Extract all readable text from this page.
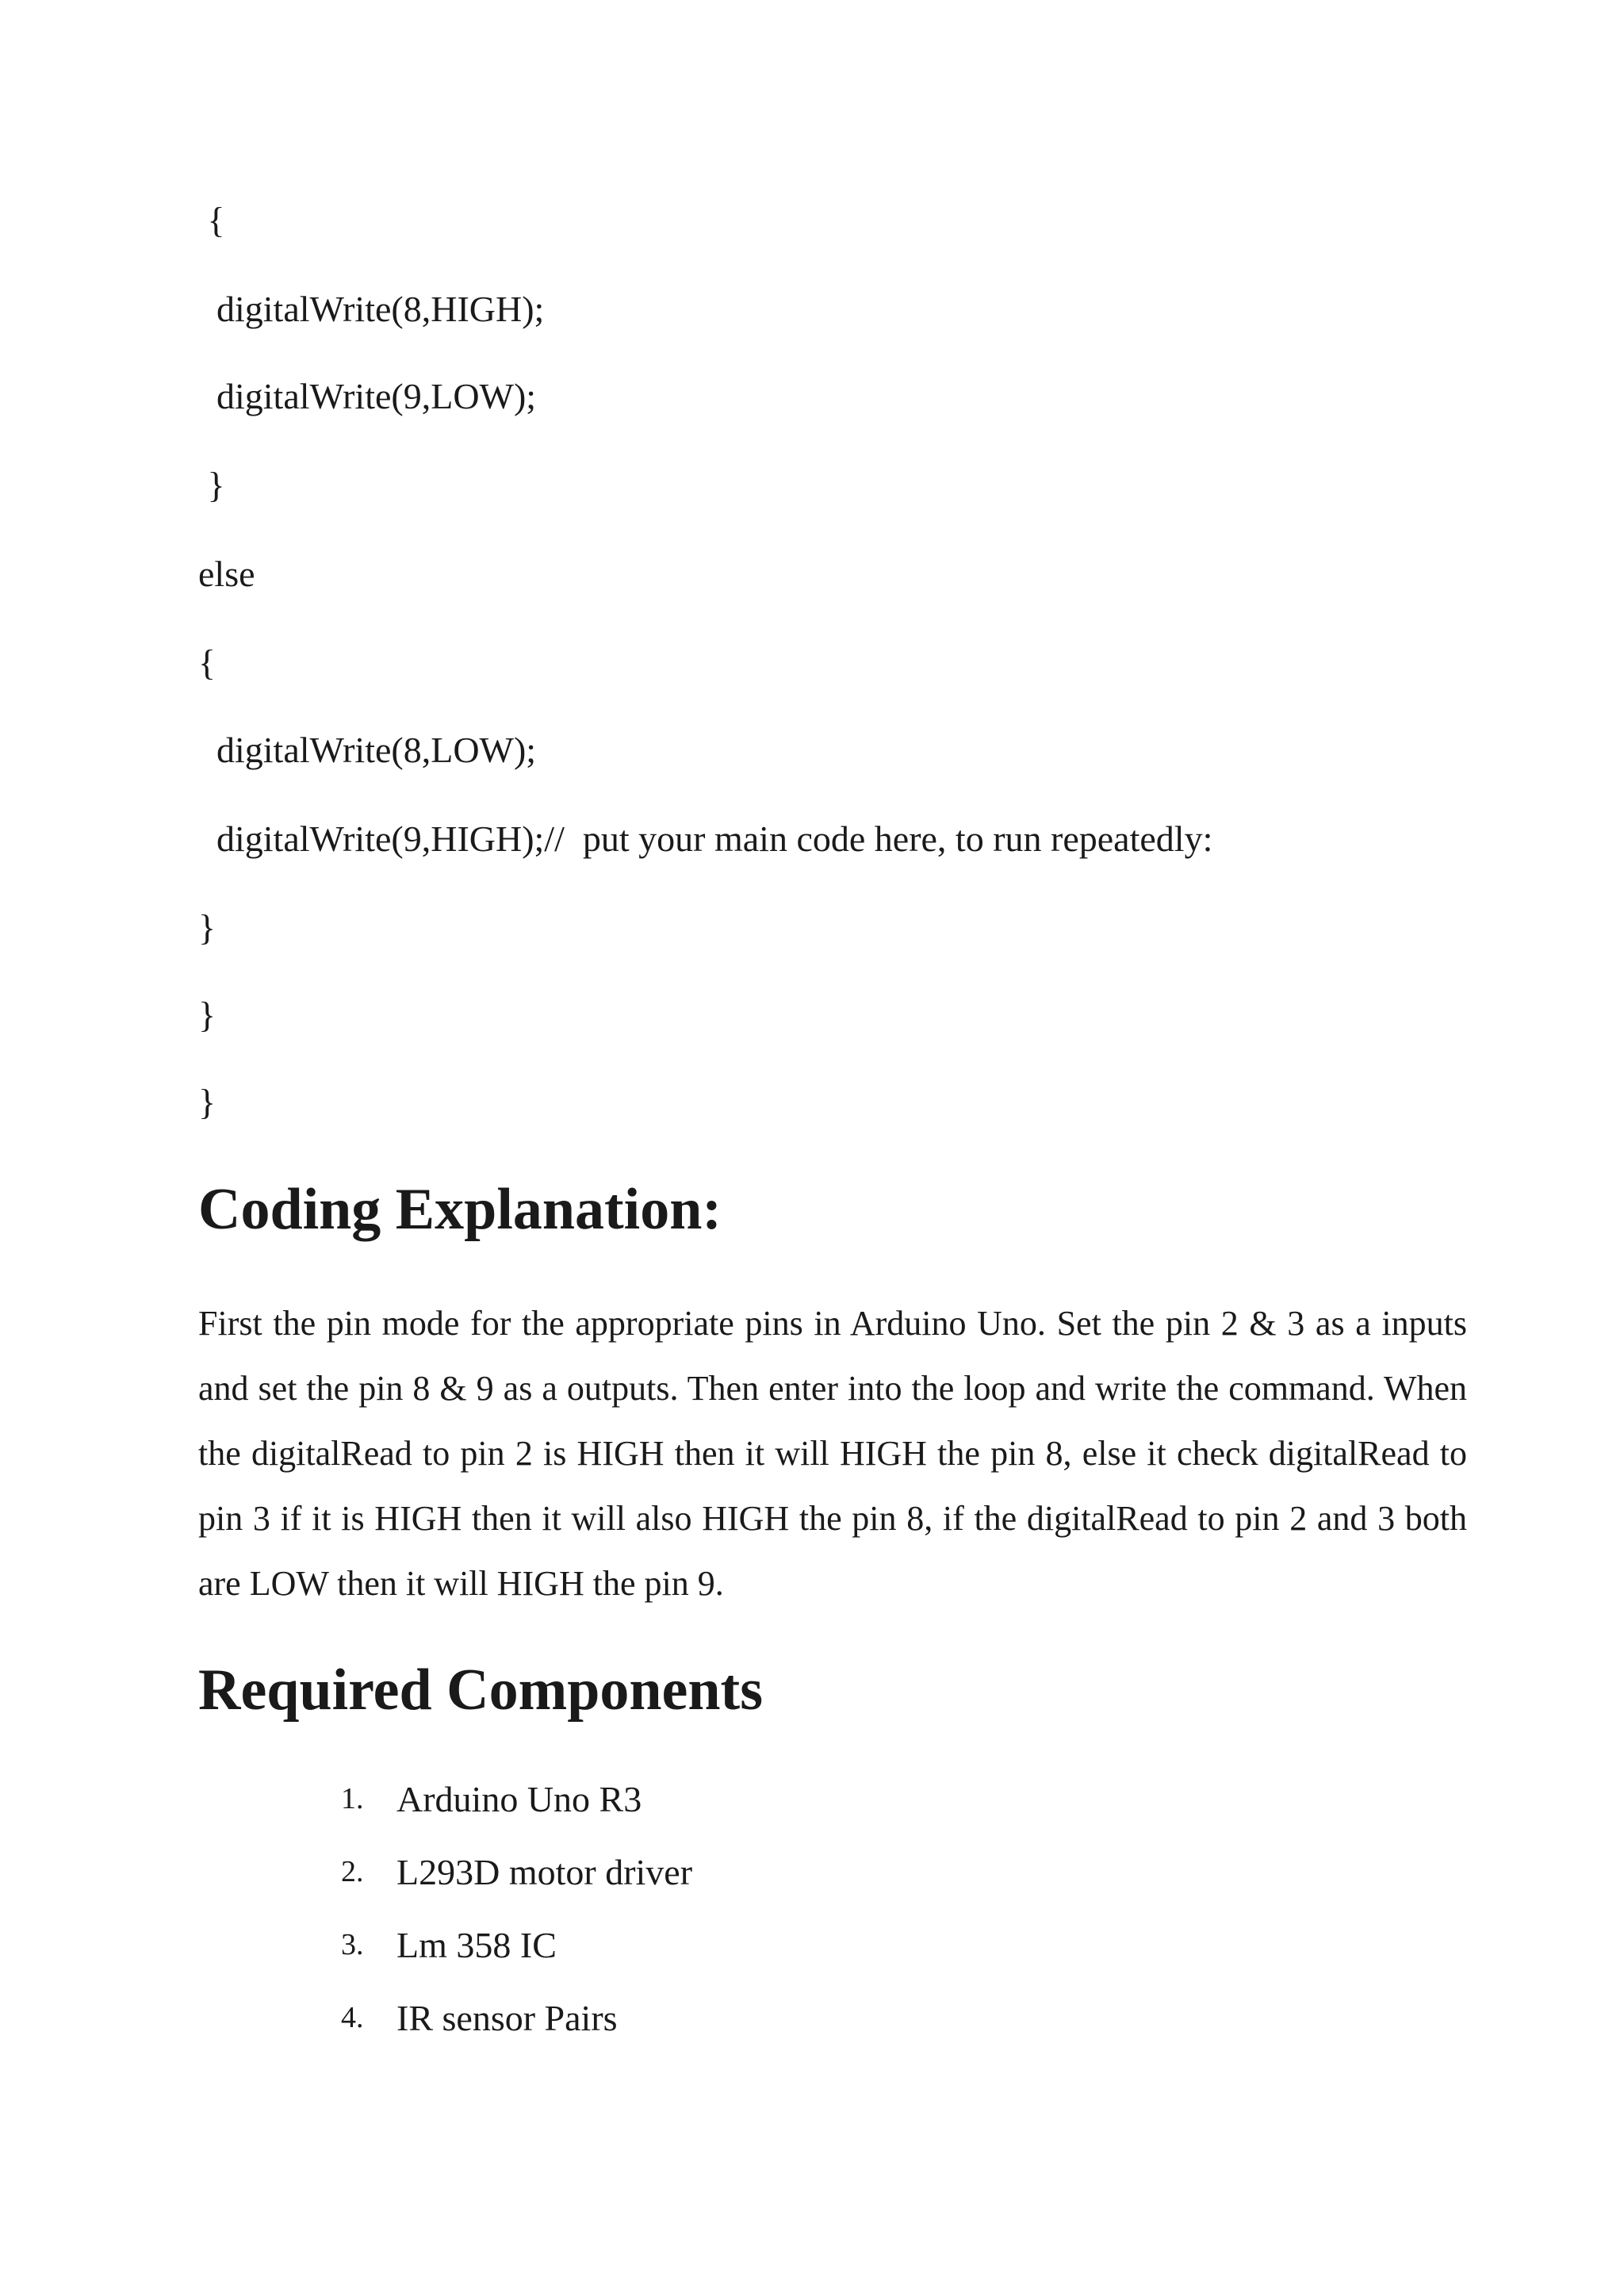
{
digitalWrite(8,HIGH);
digitalWrite(9,LOW);
}
else
{
digitalWrite(8,LOW);
digitalWrite(9,HIGH);//  put your main code here, to run repeatedly:
}
}
}
Coding Explanation:

First the pin mode for the appropriate pins in Arduino Uno. Set the pin 2 & 3 as a inputs and set the pin 8 & 9 as a outputs. Then enter into the loop and write the command. When the digitalRead to pin 2 is HIGH then it will HIGH the pin 8, else it check digitalRead to pin 3 if it is HIGH then it will also HIGH the pin 8, if the digitalRead to pin 2 and 3 both are LOW then it will HIGH the pin 9.

Required Components
1. Arduino Uno R3
2. L293D motor driver
3. Lm 358 IC
4. IR sensor Pairs
